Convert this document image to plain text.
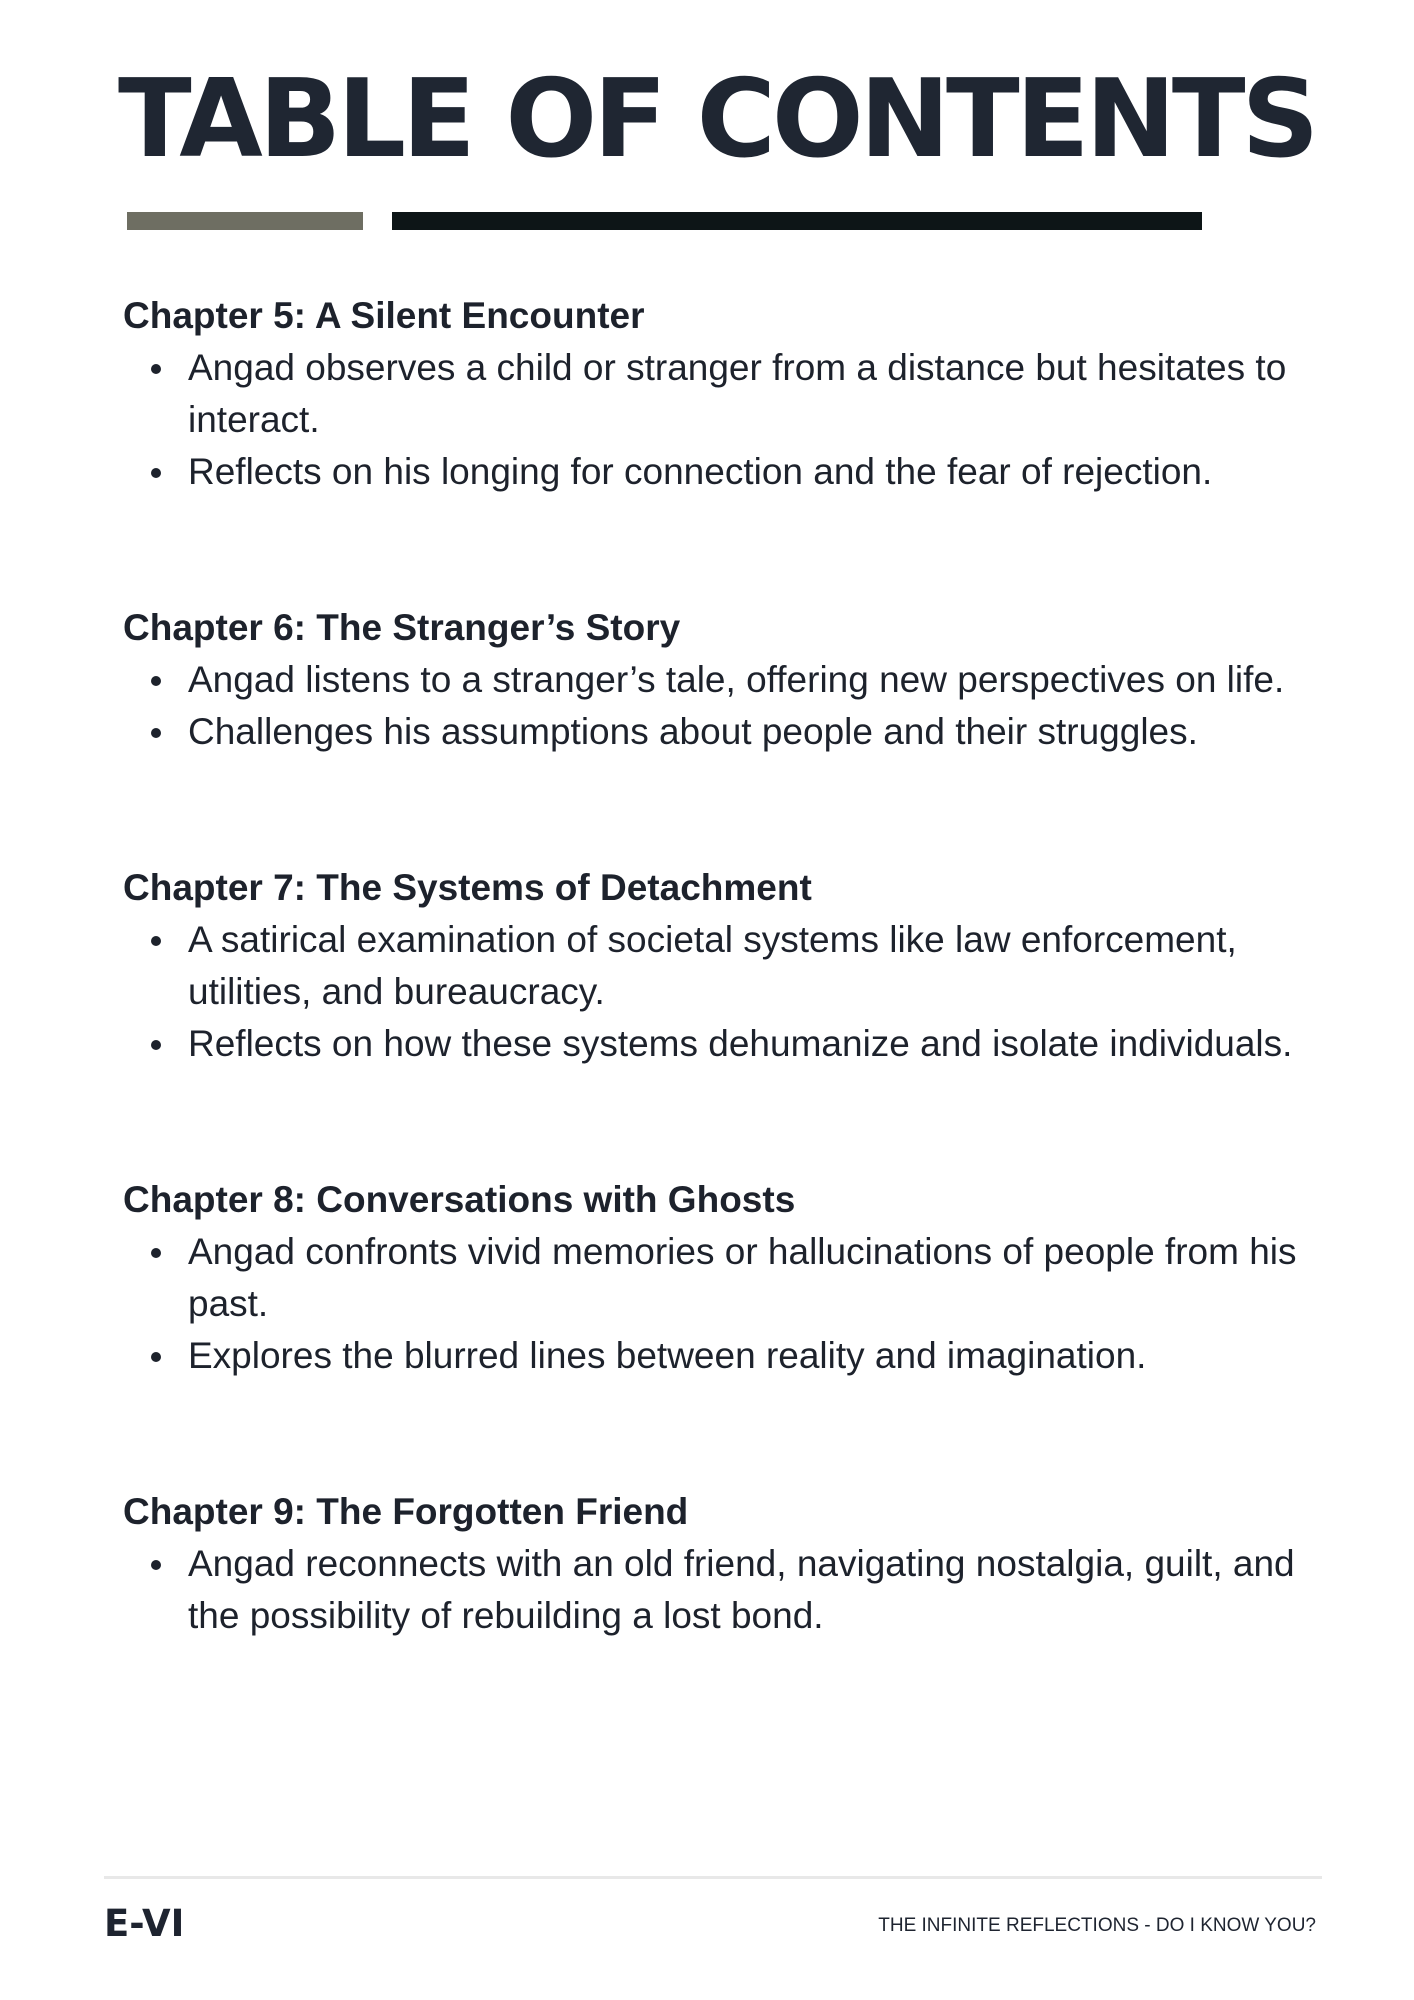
TABLE OF CONTENTS
Chapter 5: A Silent Encounter
Angad observes a child or stranger from a distance but hesitates to interact.
Reflects on his longing for connection and the fear of rejection.
Chapter 6: The Stranger’s Story
Angad listens to a stranger’s tale, offering new perspectives on life.
Challenges his assumptions about people and their struggles.
Chapter 7: The Systems of Detachment
A satirical examination of societal systems like law enforcement, utilities, and bureaucracy.
Reflects on how these systems dehumanize and isolate individuals.
Chapter 8: Conversations with Ghosts
Angad confronts vivid memories or hallucinations of people from his past.
Explores the blurred lines between reality and imagination.
Chapter 9: The Forgotten Friend
Angad reconnects with an old friend, navigating nostalgia, guilt, and the possibility of rebuilding a lost bond.
E-VI	THE INFINITE REFLECTIONS - DO I KNOW YOU?
